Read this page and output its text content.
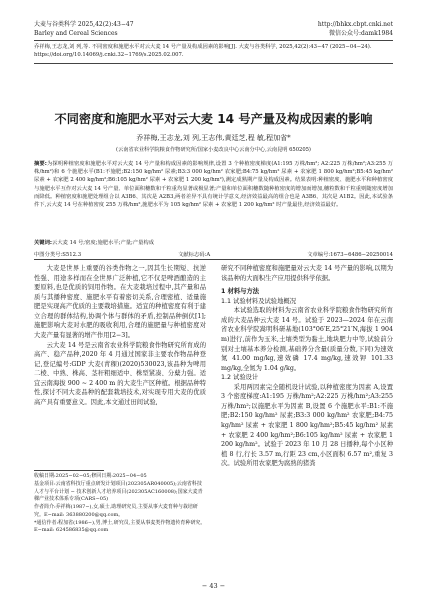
大麦与谷类科学 2025,42(2):43−47
Barley and Cereal Sciences
http://bhkx.cbpt.cnki.net
微信公众号:damk1984
乔祥梅,王志龙,刘 列,等. 不同密度和施肥水平对云大麦 14 号产量及构成因素的影响[J]. 大麦与谷类科学, 2025,42(2):43−47 (2025−04−24). https://doi.org/10.14069/j.cnki.32−1769/s.2025.02.007.
不同密度和施肥水平对云大麦 14 号产量及构成因素的影响
乔祥梅,王志龙,刘 列,王志伟,黄廷芝,程 敏,程加省*
(云南省农业科学院粮食作物研究所/国家小麦改良中心云南分中心,云南昆明 650205)
摘要:为探明种植密度和施肥水平对云大麦 14 号产量和构成因素的影响规律,设置 3 个种植密度梯度(A1:195 万株/hm²; A2:225 万株/hm²;A3:255 万株/hm²)和 6 个施肥水平(B1:不施肥;B2:150 kg/hm² 尿素;B3:3 000 kg/hm² 农家肥;B4:75 kg/hm² 尿素 + 农家肥 1 800 kg/hm²;B5:45 kg/hm² 尿素 + 农家肥 2 400 kg/hm²;B6:105 kg/hm² 尿素 + 农家肥 1 200 kg/hm²),测定成熟期产量及构成因素。结果表明:种植密度、施肥水平和种植密度与施肥水平互作对云大麦 14 号产量、单位面积穗数和千粒重均显著或极显著;产量和单位面积穗数随种植密度的增加而增加,穗粒数和千粒重则随密度增加而降低。种植密度和施肥处理组合以 A3B6、其次是 A2B3,两者差异不具有统计学意义,经济效益最高的组合也是 A3B6、其次是 A1B2。因此,本试验条件下,云大麦 14 号在种植密度 255 万株/hm²,施肥水平为 105 kg/hm² 尿素 + 农家肥 1 200 kg/hm² 时产量最佳,经济效益最好。
关键词:云大麦 14 号;密度;施肥水平;产量;产量构成
中图分类号:S512.3	文献标志码:A	文章编号:1673−6486−20250014

大麦是世界上重要的谷类作物之一,因其生长期短、抗逆性强、用途多样而在全世界广泛种植,它不仅是啤酒酿造的主要原料,也是优质的饲用作物。在大麦栽培过程中,其产量和品质与其播种密度、施肥水平有着密切关系,合理密植、适量施肥是实现高产优质的主要栽培措施。适宜的种植密度有利于建立合理的群体结构,协调个体与群体的矛盾,控制品种倒伏[1];施肥影响大麦对水肥的吸收利用,合理的施肥量与种植密度对大麦产量有显著的增产作用[2−3]。

云大麦 14 号是云南省农业科学院粮食作物研究所育成的高产、稳产品种,2020 年 4 月通过国家非主要农作物品种登记,登记编号:GDP 大麦(青稞)(2020)530023,该品种为啤用二棱、中熟、株高、茎秆粗细适中、株型紧凑、分蘖力强。适宜云南海拔 900 ~ 2 400 m 的大麦生产区种植。根据品种特性,探讨不同大麦品种的配套栽培技术,对实现专用大麦的优质高产具有重要意义。因此,本文通过田间试验,

收稿日期:2025−02−05;修回日期:2025−04−05
基金项目:云南省科技厅重点研发计划项目(202305AR040005);云南省科技人才与平台计划 − 技术创新人才培养项目(202305AC160008);国家大麦青稞产业技术体系专项(CARS−05)
作者简介:乔祥梅(1987−),女,硕士,助理研究员,主要从事大麦育种与栽培研究。E−mail: 363880200@qq.com。
*通信作者:程加省(1986−),男,博士,研究员,主要从事麦类作物遗传育种研究。E−mail: 624586835@qq.com

研究不同种植密度和施肥量对云大麦 14 号产量的影响,以期为该品种的大面积生产应用提供科学依据。

1 材料与方法

1.1 试验材料及试验地概况

本试验选取的材料为云南省农业科学院粮食作物研究所育成的大麦品种云大麦 14 号。试验于 2023—2024 年在云南省农业科学院嵩明科研基地(103°06′E,25°21′N,海拔 1 904 m)进行,前作为玉米,土壤类型为黏土,地块肥力中等,试验前分别对土壤基本养分检测,基础养分含量(质量分数,下同)为速效氮 41.00 mg/kg,速效磷 17.4 mg/kg,速效钾 101.33 mg/kg,全氮为 1.04 g/kg。

1.2 试验设计

采用两因素完全随机设计试验,以种植密度为因素 A,设置 3 个密度梯度:A1:195 万株/hm²;A2:225 万株/hm²;A3:255 万株/hm²;以施肥水平为因素 B,设置 6 个施肥水平:B1:不施肥;B2:150 kg/hm² 尿素;B3:3 000 kg/hm² 农家肥;B4:75 kg/hm² 尿素 + 农家肥 1 800 kg/hm²;B5:45 kg/hm² 尿素 + 农家肥 2 400 kg/hm²;B6:105 kg/hm² 尿素 + 农家肥 1 200 kg/hm²。试验于 2023 年 10 月 28 日播种,每个小区种植 8 行,行长 3.57 m,行距 23 cm,小区面积 6.57 m²,重复 3 次。试验所用农家肥为腐熟的猪粪

− 43 −
